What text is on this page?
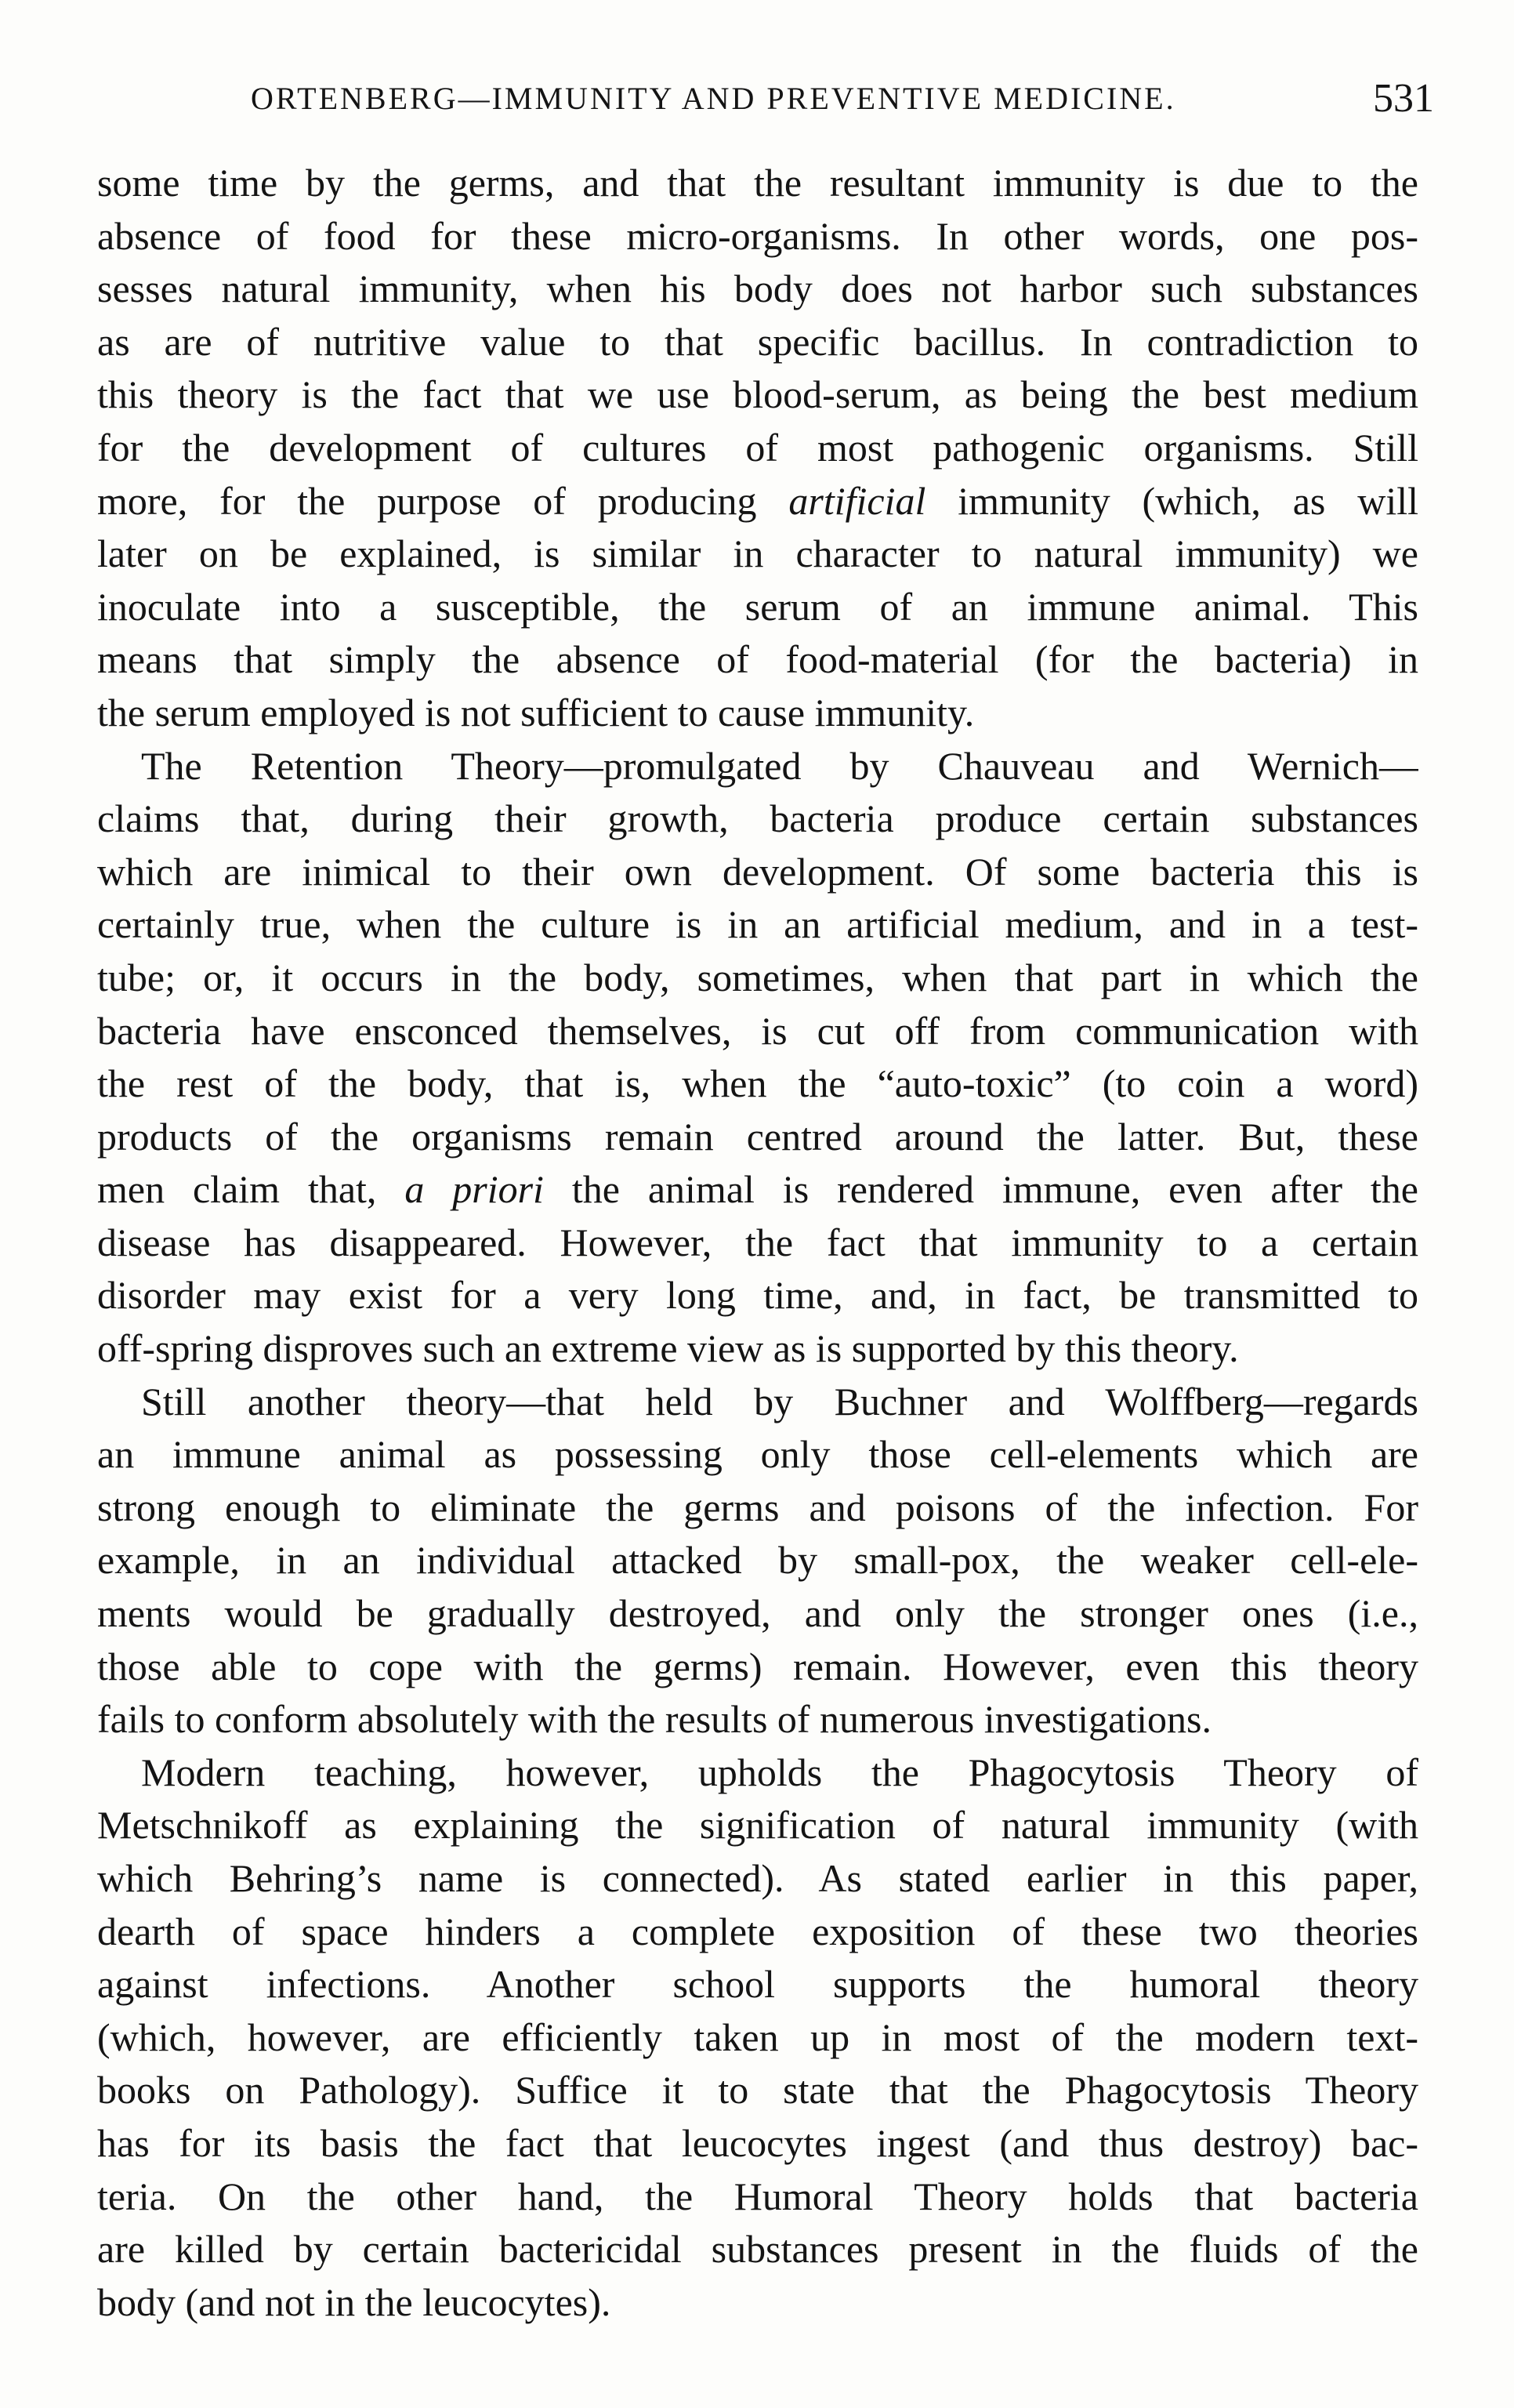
ORTENBERG—IMMUNITY AND PREVENTIVE MEDICINE.	531
some time by the germs, and that the resultant immunity is due to the
absence of food for these micro-organisms. In other words, one pos-
sesses natural immunity, when his body does not harbor such substances
as are of nutritive value to that specific bacillus. In contradiction to
this theory is the fact that we use blood-serum, as being the best medium
for the development of cultures of most pathogenic organisms. Still
more, for the purpose of producing artificial immunity (which, as will
later on be explained, is similar in character to natural immunity) we
inoculate into a susceptible, the serum of an immune animal. This
means that simply the absence of food-material (for the bacteria) in
the serum employed is not sufficient to cause immunity.
The Retention Theory—promulgated by Chauveau and Wernich—
claims that, during their growth, bacteria produce certain substances
which are inimical to their own development. Of some bacteria this is
certainly true, when the culture is in an artificial medium, and in a test-
tube; or, it occurs in the body, sometimes, when that part in which the
bacteria have ensconced themselves, is cut off from communication with
the rest of the body, that is, when the “auto-toxic” (to coin a word)
products of the organisms remain centred around the latter. But, these
men claim that, a priori the animal is rendered immune, even after the
disease has disappeared. However, the fact that immunity to a certain
disorder may exist for a very long time, and, in fact, be transmitted to
off-spring disproves such an extreme view as is supported by this theory.
Still another theory—that held by Buchner and Wolffberg—regards
an immune animal as possessing only those cell-elements which are
strong enough to eliminate the germs and poisons of the infection. For
example, in an individual attacked by small-pox, the weaker cell-ele-
ments would be gradually destroyed, and only the stronger ones (i.e.,
those able to cope with the germs) remain. However, even this theory
fails to conform absolutely with the results of numerous investigations.
Modern teaching, however, upholds the Phagocytosis Theory of
Metschnikoff as explaining the signification of natural immunity (with
which Behring’s name is connected). As stated earlier in this paper,
dearth of space hinders a complete exposition of these two theories
against infections. Another school supports the humoral theory
(which, however, are efficiently taken up in most of the modern text-
books on Pathology). Suffice it to state that the Phagocytosis Theory
has for its basis the fact that leucocytes ingest (and thus destroy) bac-
teria. On the other hand, the Humoral Theory holds that bacteria
are killed by certain bactericidal substances present in the fluids of the
body (and not in the leucocytes).
